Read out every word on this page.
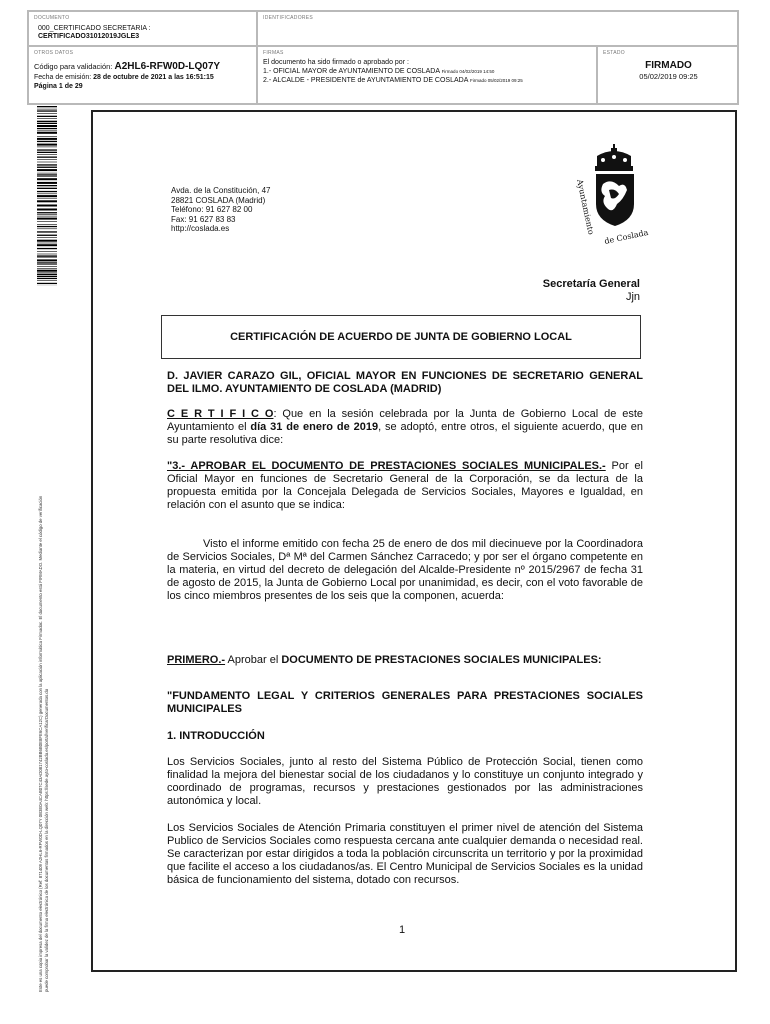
DOCUMENTO
000_CERTIFICADO SECRETARIA :
CERTIFICADO31012019JGLE3
IDENTIFICADORES
OTROS DATOS
Código para validación: A2HL6-RFW0D-LQ07Y
Fecha de emisión: 28 de octubre de 2021 a las 16:51:15
Página 1 de 29
FIRMAS
El documento ha sido firmado o aprobado por :
1.- OFICIAL MAYOR de AYUNTAMIENTO DE COSLADA Firmado 04/02/2019 14:50
2.- ALCALDE - PRESIDENTE de AYUNTAMIENTO DE COSLADA Firmado 05/02/2019 09:25
ESTADO
FIRMADO
05/02/2019 09:25
Este es una copia impresa del documento electrónico (Ref: 871409 A2HL6-RFW0D-LQ07Y 0B3E0A4CAB07C43AD081742BB6B0E8FE6CA12C) generada con la aplicación informática Firmadoc. El documento está FIRMADO. Mediante el código de verificación puede comprobar la validez de la firma electrónica de los documentos firmados en la dirección web: https://sede.ayto-coslada.es/portal/verificarDocumentos.do
Avda. de la Constitución, 47
28821 COSLADA (Madrid)
Teléfono: 91 627 82 00
Fax: 91 627 83 83
http://coslada.es	Ayuntamiento
de Coslada
Secretaría General
Jjn
CERTIFICACIÓN DE ACUERDO DE JUNTA DE GOBIERNO LOCAL
D. JAVIER CARAZO GIL, OFICIAL MAYOR EN FUNCIONES DE SECRETARIO GENERAL DEL ILMO. AYUNTAMIENTO DE COSLADA (MADRID)
C E R T I F I C O: Que en la sesión celebrada por la Junta de Gobierno Local de este Ayuntamiento el día 31 de enero de 2019, se adoptó, entre otros, el siguiente acuerdo, que en su parte resolutiva dice:
"3.- APROBAR EL DOCUMENTO DE PRESTACIONES SOCIALES MUNICIPALES.- Por el Oficial Mayor en funciones de Secretario General de la Corporación, se da lectura de la propuesta emitida por la Concejala Delegada de Servicios Sociales, Mayores e Igualdad, en relación con el asunto que se indica:
Visto el informe emitido con fecha 25 de enero de dos mil diecinueve por la Coordinadora de Servicios Sociales, Dª Mª del Carmen Sánchez Carracedo; y por ser el órgano competente en la materia, en virtud del decreto de delegación del Alcalde-Presidente nº 2015/2967 de fecha 31 de agosto de 2015, la Junta de Gobierno Local por unanimidad, es decir, con el voto favorable de los cinco miembros presentes de los seis que la componen, acuerda:
PRIMERO.- Aprobar el DOCUMENTO DE PRESTACIONES SOCIALES MUNICIPALES:
"FUNDAMENTO LEGAL Y CRITERIOS GENERALES PARA PRESTACIONES SOCIALES MUNICIPALES
1. INTRODUCCIÓN
Los Servicios Sociales, junto al resto del Sistema Público de Protección Social, tienen como finalidad la mejora del bienestar social de los ciudadanos y lo constituye un conjunto integrado y coordinado de programas, recursos y prestaciones gestionados por las administraciones autonómica y local.
Los Servicios Sociales de Atención Primaria constituyen el primer nivel de atención del Sistema Publico de Servicios Sociales como respuesta cercana ante cualquier demanda o necesidad real. Se caracterizan por estar dirigidos a toda la población circunscrita un territorio y por la proximidad que facilite el acceso a los ciudadanos/as. El Centro Municipal de Servicios Sociales es la unidad básica de funcionamiento del sistema, dotado con recursos.
1
